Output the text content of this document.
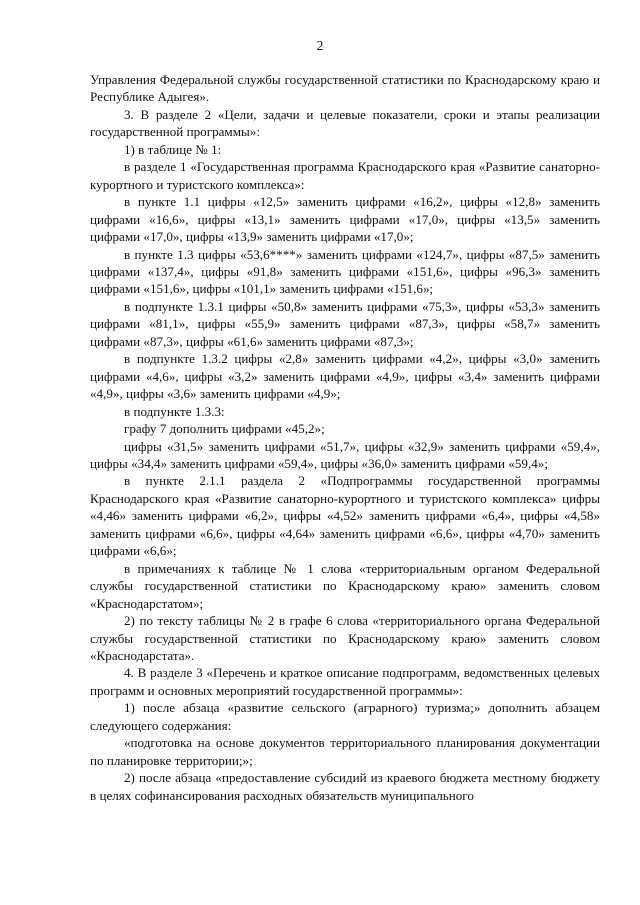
2

Управления Федеральной службы государственной статистики по Краснодарскому краю и Республике Адыгея».

3. В разделе 2 «Цели, задачи и целевые показатели, сроки и этапы реализации государственной программы»:

1) в таблице № 1:

в разделе 1 «Государственная программа Краснодарского края «Развитие санаторно-курортного и туристского комплекса»:

в пункте 1.1 цифры «12,5» заменить цифрами «16,2», цифры «12,8» заменить цифрами «16,6», цифры «13,1» заменить цифрами «17,0», цифры «13,5» заменить цифрами «17,0», цифры «13,9» заменить цифрами «17,0»;

в пункте 1.3 цифры «53,6****» заменить цифрами «124,7», цифры «87,5» заменить цифрами «137,4», цифры «91,8» заменить цифрами «151,6», цифры «96,3» заменить цифрами «151,6», цифры «101,1» заменить цифрами «151,6»;

в подпункте 1.3.1 цифры «50,8» заменить цифрами «75,3», цифры «53,3» заменить цифрами «81,1», цифры «55,9» заменить цифрами «87,3», цифры «58,7» заменить цифрами «87,3», цифры «61,6» заменить цифрами «87,3»;

в подпункте 1.3.2 цифры «2,8» заменить цифрами «4,2», цифры «3,0» заменить цифрами «4,6», цифры «3,2» заменить цифрами «4,9», цифры «3,4» заменить цифрами «4,9», цифры «3,6» заменить цифрами «4,9»;

в подпункте 1.3.3:

графу 7 дополнить цифрами «45,2»;

цифры «31,5» заменить цифрами «51,7», цифры «32,9» заменить цифрами «59,4», цифры «34,4» заменить цифрами «59,4», цифры «36,0» заменить цифрами «59,4»;

в пункте 2.1.1 раздела 2 «Подпрограммы государственной программы Краснодарского края «Развитие санаторно-курортного и туристского комплекса» цифры «4,46» заменить цифрами «6,2», цифры «4,52» заменить цифрами «6,4», цифры «4,58» заменить цифрами «6,6», цифры «4,64» заменить цифрами «6,6», цифры «4,70» заменить цифрами «6,6»;

в примечаниях к таблице № 1 слова «территориальным органом Федеральной службы государственной статистики по Краснодарскому краю» заменить словом «Краснодарстатом»;

2) по тексту таблицы № 2 в графе 6 слова «территориального органа Федеральной службы государственной статистики по Краснодарскому краю» заменить словом «Краснодарстата».

4. В разделе 3 «Перечень и краткое описание подпрограмм, ведомственных целевых программ и основных мероприятий государственной программы»:

1) после абзаца «развитие сельского (аграрного) туризма;» дополнить абзацем следующего содержания:

«подготовка на основе документов территориального планирования документации по планировке территории;»;

2) после абзаца «предоставление субсидий из краевого бюджета местному бюджету в целях софинансирования расходных обязательств муниципального
